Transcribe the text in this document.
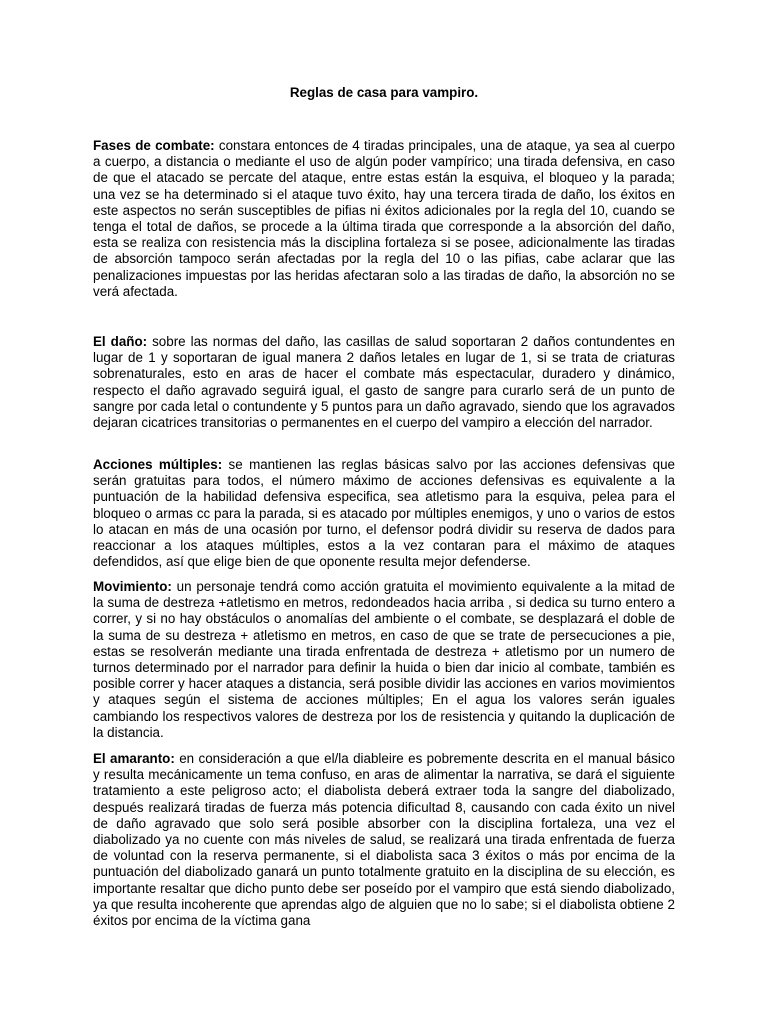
Reglas de casa para vampiro.

Fases de combate: constara entonces de 4 tiradas principales, una de ataque, ya sea al cuerpo a cuerpo, a distancia o mediante el uso de algún poder vampírico; una tirada defensiva, en caso de que el atacado se percate del ataque, entre estas están la esquiva, el bloqueo y la parada; una vez se ha determinado si el ataque tuvo éxito, hay una tercera tirada de daño, los éxitos en este aspectos no serán susceptibles de pifias ni éxitos adicionales por la regla del 10, cuando se tenga el total de daños, se procede a la última tirada que corresponde a la absorción del daño, esta se realiza con resistencia más la disciplina fortaleza si se posee, adicionalmente las tiradas de absorción tampoco serán afectadas por la regla del 10 o las pifias, cabe aclarar que las penalizaciones impuestas por las heridas afectaran solo a las tiradas de daño, la absorción no se verá afectada.

El daño: sobre las normas del daño, las casillas de salud soportaran 2 daños contundentes en lugar de 1 y soportaran de igual manera 2 daños letales en lugar de 1, si se trata de criaturas sobrenaturales, esto en aras de hacer el combate más espectacular, duradero y dinámico, respecto el daño agravado seguirá igual, el gasto de sangre para curarlo será de un punto de sangre por cada letal o contundente y 5 puntos para un daño agravado, siendo que los agravados dejaran cicatrices transitorias o permanentes en el cuerpo del vampiro a elección del narrador.

Acciones múltiples: se mantienen las reglas básicas salvo por las acciones defensivas que serán gratuitas para todos, el número máximo de acciones defensivas es equivalente a la puntuación de la habilidad defensiva especifica, sea atletismo para la esquiva, pelea para el bloqueo o armas cc para la parada, si es atacado por múltiples enemigos, y uno o varios de estos lo atacan en más de una ocasión por turno, el defensor podrá dividir su reserva de dados para reaccionar a los ataques múltiples, estos a la vez contaran para el máximo de ataques defendidos, así que elige bien de que oponente resulta mejor defenderse.

Movimiento: un personaje tendrá como acción gratuita el movimiento equivalente a la mitad de la suma de destreza +atletismo en metros, redondeados hacia arriba , si dedica su turno entero a correr, y si no hay obstáculos o anomalías del ambiente o el combate, se desplazará el doble de la suma de su destreza + atletismo en metros, en caso de que se trate de persecuciones a pie, estas se resolverán mediante una tirada enfrentada de destreza + atletismo por un numero de turnos determinado por el narrador para definir la huida o bien dar inicio al combate, también es posible correr y hacer ataques a distancia, será posible dividir las acciones en varios movimientos y ataques según el sistema de acciones múltiples; En el agua los valores serán iguales cambiando los respectivos valores de destreza por los de resistencia y quitando la duplicación de la distancia.

El amaranto: en consideración a que el/la diableire es pobremente descrita en el manual básico y resulta mecánicamente un tema confuso, en aras de alimentar la narrativa, se dará el siguiente tratamiento a este peligroso acto; el diabolista deberá extraer toda la sangre del diabolizado, después realizará tiradas de fuerza más potencia dificultad 8, causando con cada éxito un nivel de daño agravado que solo será posible absorber con la disciplina fortaleza, una vez el diabolizado ya no cuente con más niveles de salud, se realizará una tirada enfrentada de fuerza de voluntad con la reserva permanente, si el diabolista saca 3 éxitos o más por encima de la puntuación del diabolizado ganará un punto totalmente gratuito en la disciplina de su elección, es importante resaltar que dicho punto debe ser poseído por el vampiro que está siendo diabolizado, ya que resulta incoherente que aprendas algo de alguien que no lo sabe; si el diabolista obtiene 2 éxitos por encima de la víctima gana
